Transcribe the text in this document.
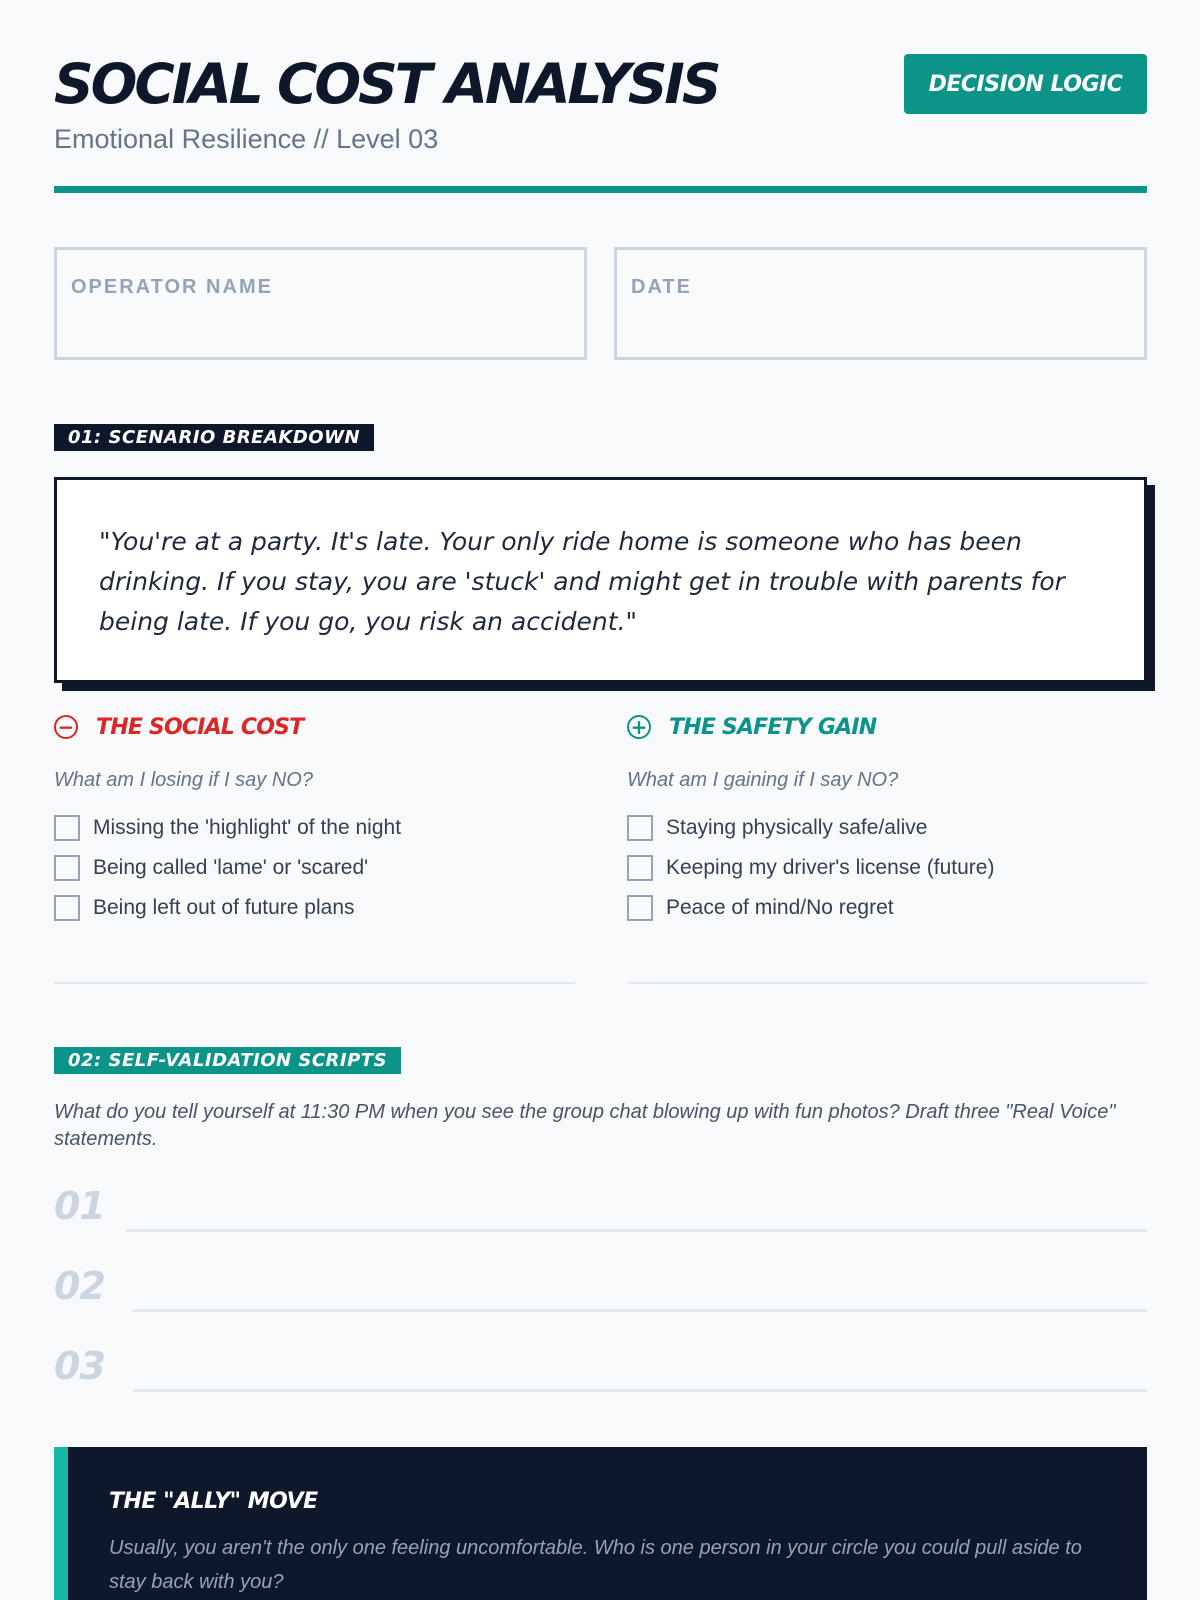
SOCIAL COST ANALYSIS
Emotional Resilience // Level 03
DECISION LOGIC
OPERATOR NAME	DATE
01: SCENARIO BREAKDOWN

"You're at a party. It's late. Your only ride home is someone who has been drinking. If you stay, you are 'stuck' and might get in trouble with parents for being late. If you go, you risk an accident."

− THE SOCIAL COST
What am I losing if I say NO?
Missing the 'highlight' of the night
Being called 'lame' or 'scared'
Being left out of future plans
+ THE SAFETY GAIN
What am I gaining if I say NO?
Staying physically safe/alive
Keeping my driver's license (future)
Peace of mind/No regret
02: SELF-VALIDATION SCRIPTS

What do you tell yourself at 11:30 PM when you see the group chat blowing up with fun photos? Draft three "Real Voice" statements.

01
02
03
THE "ALLY" MOVE

Usually, you aren't the only one feeling uncomfortable. Who is one person in your circle you could pull aside to stay back with you?
